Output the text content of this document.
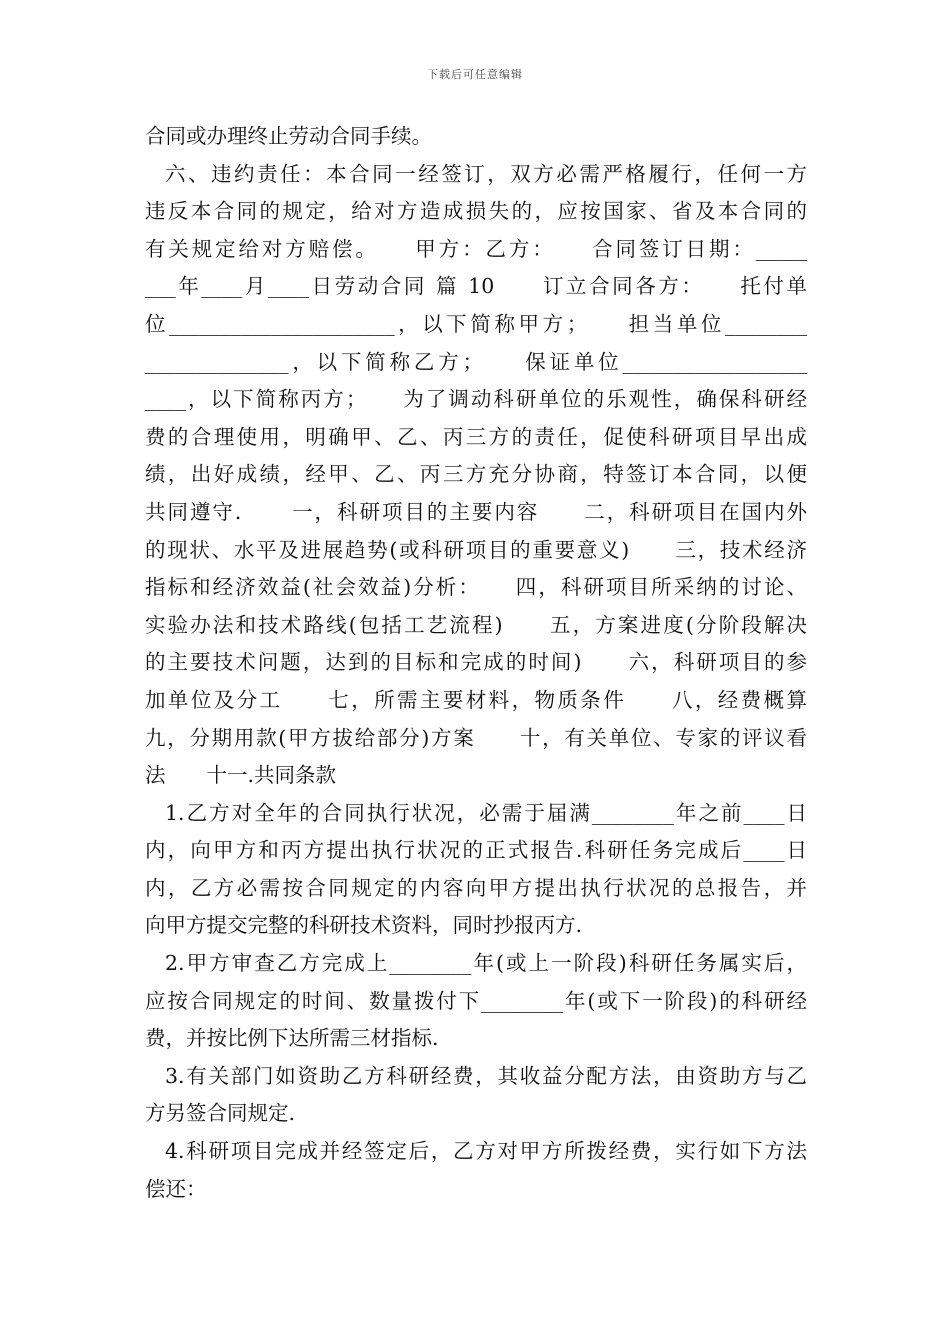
下载后可任意编辑
合同或办理终止劳动合同手续。
六、违约责任：本合同一经签订，双方必需严格履行，任何一方
违反本合同的规定，给对方造成损失的，应按国家、省及本合同的
有关规定给对方赔偿。　　甲方：乙方：　　合同签订日期：_____
___年____月____日劳动合同 篇 10　　订立合同各方：　　托付单
位______________________，以下简称甲方；　　担当单位________
______________，以下简称乙方；　　保证单位__________________
____，以下简称丙方；　　为了调动科研单位的乐观性，确保科研经
费的合理使用，明确甲、乙、丙三方的责任，促使科研项目早出成
绩，出好成绩，经甲、乙、丙三方充分协商，特签订本合同，以便
共同遵守．　　一，科研项目的主要内容　　二，科研项目在国内外
的现状、水平及进展趋势(或科研项目的重要意义)　　三，技术经济
指标和经济效益(社会效益)分析：　　四，科研项目所采纳的讨论、
实验办法和技术路线(包括工艺流程)　　五，方案进度(分阶段解决
的主要技术问题，达到的目标和完成的时间)　　六，科研项目的参
加单位及分工　　七，所需主要材料，物质条件　　八，经费概算
九，分期用款(甲方拔给部分)方案　　十，有关单位、专家的评议看
法　　十一.共同条款
1.乙方对全年的合同执行状况，必需于届满________年之前____日
内，向甲方和丙方提出执行状况的正式报告.科研任务完成后____日
内，乙方必需按合同规定的内容向甲方提出执行状况的总报告，并
向甲方提交完整的科研技术资料，同时抄报丙方.
2.甲方审查乙方完成上________年(或上一阶段)科研任务属实后，
应按合同规定的时间、数量拨付下________年(或下一阶段)的科研经
费，并按比例下达所需三材指标.
3.有关部门如资助乙方科研经费，其收益分配方法，由资助方与乙
方另签合同规定.
4.科研项目完成并经签定后，乙方对甲方所拨经费，实行如下方法
偿还：
